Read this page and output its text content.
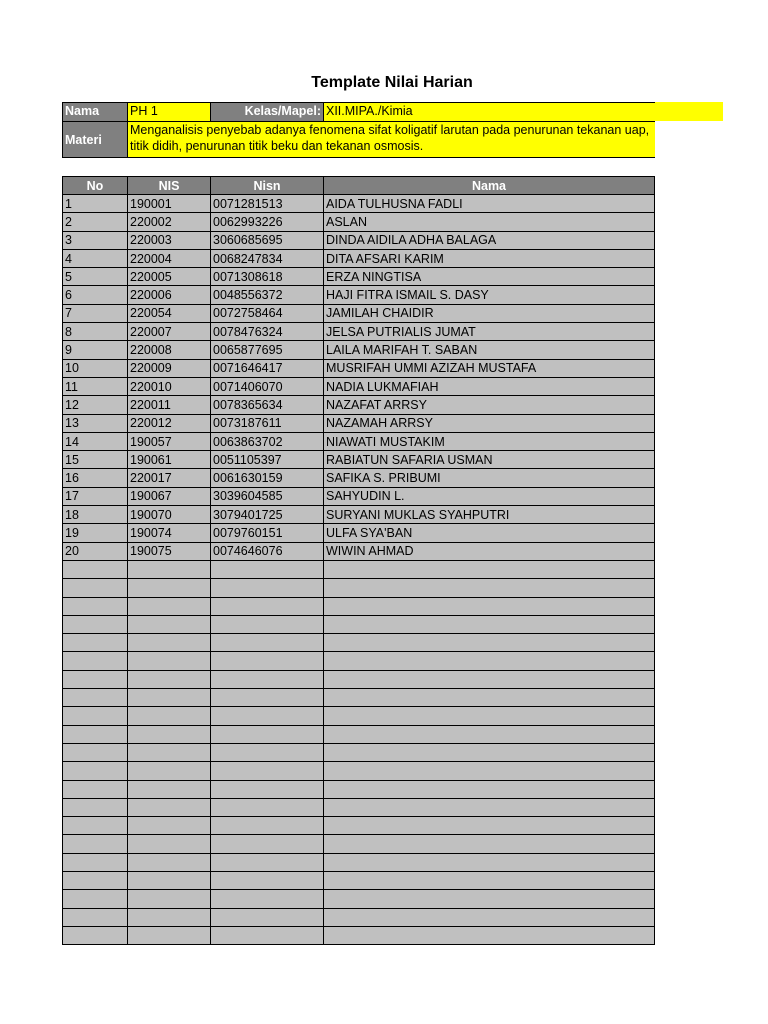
Template Nilai Harian
Nama	PH 1	Kelas/Mapel:	XII.MIPA./Kimia
Materi	Menganalisis penyebab adanya fenomena sifat koligatif larutan pada penurunan tekanan uap,
titik didih, penurunan titik beku dan tekanan osmosis.		
No	NIS	Nisn	Nama
1	190001	0071281513	AIDA TULHUSNA FADLI
2	220002	0062993226	ASLAN
3	220003	3060685695	DINDA AIDILA ADHA BALAGA
4	220004	0068247834	DITA AFSARI KARIM
5	220005	0071308618	ERZA NINGTISA
6	220006	0048556372	HAJI FITRA ISMAIL S. DASY
7	220054	0072758464	JAMILAH CHAIDIR
8	220007	0078476324	JELSA PUTRIALIS JUMAT
9	220008	0065877695	LAILA MARIFAH T. SABAN
10	220009	0071646417	MUSRIFAH UMMI AZIZAH MUSTAFA
11	220010	0071406070	NADIA LUKMAFIAH
12	220011	0078365634	NAZAFAT ARRSY
13	220012	0073187611	NAZAMAH ARRSY
14	190057	0063863702	NIAWATI MUSTAKIM
15	190061	0051105397	RABIATUN SAFARIA USMAN
16	220017	0061630159	SAFIKA S. PRIBUMI
17	190067	3039604585	SAHYUDIN L.
18	190070	3079401725	SURYANI MUKLAS SYAHPUTRI
19	190074	0079760151	ULFA SYA'BAN
20	190075	0074646076	WIWIN AHMAD
